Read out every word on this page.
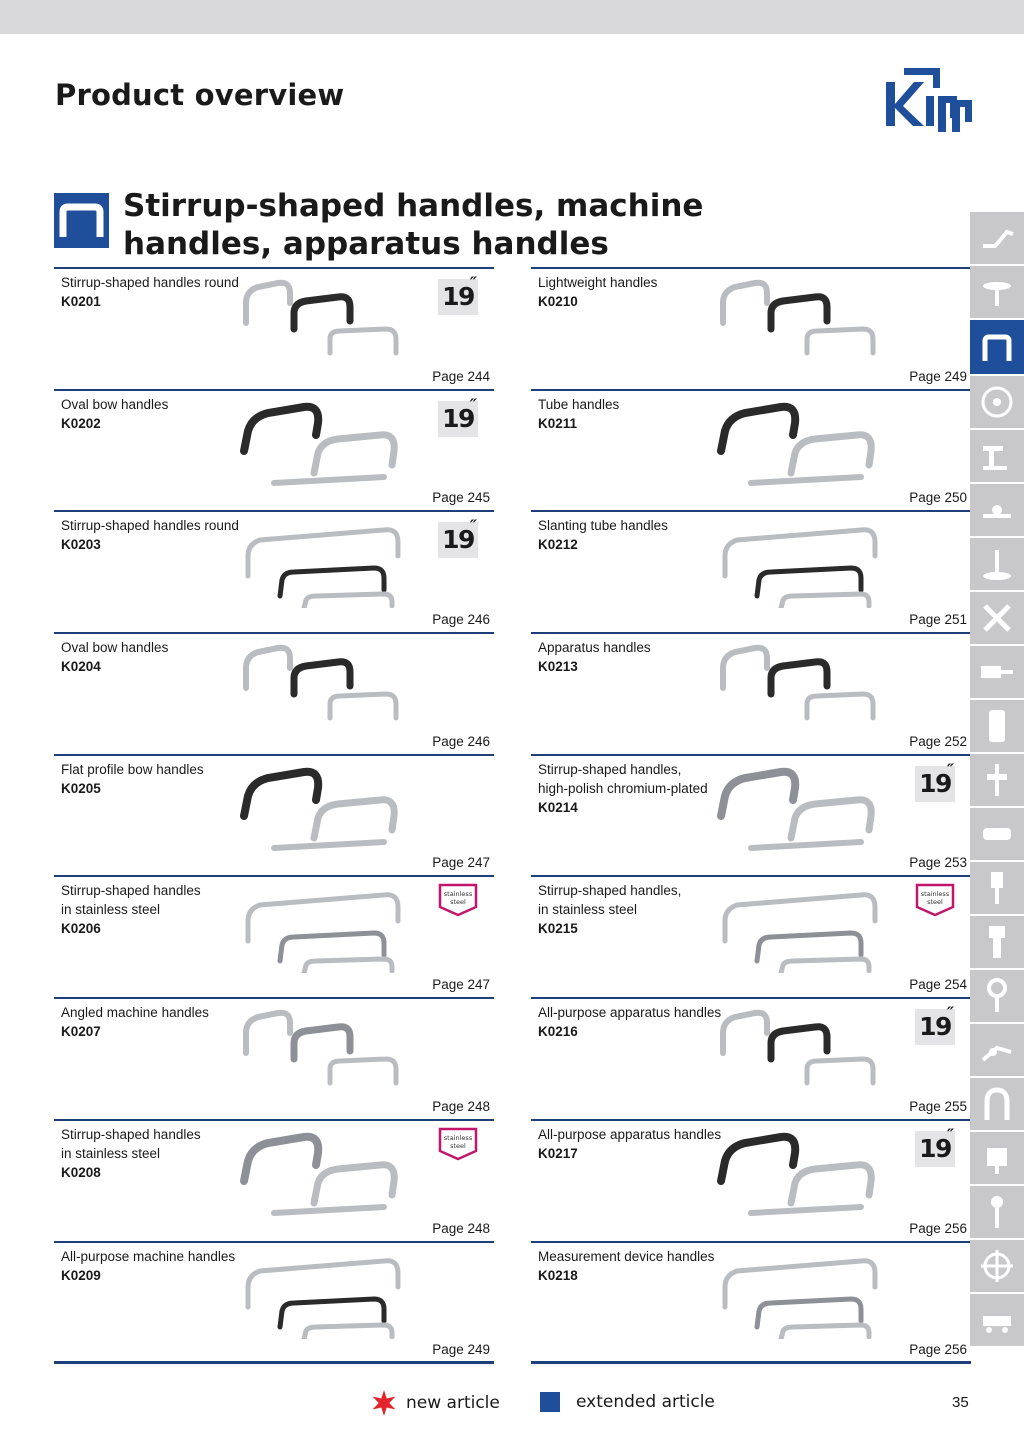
Product overview
Stirrup-shaped handles, machine handles, apparatus handles
Stirrup-shaped handles round
K0201	19
″
Page 244
Oval bow handles
K0202	19
″
Page 245
Stirrup-shaped handles round
K0203	19
″
Page 246
Oval bow handles
K0204
Page 246
Flat profile bow handles
K0205
Page 247
Stirrup-shaped handles
in stainless steel
K0206
stainless
steel
Page 247
Angled machine handles
K0207
Page 248
Stirrup-shaped handles
in stainless steel
K0208
stainless
steel
Page 248
All-purpose machine handles
K0209
Page 249
Lightweight handles
K0210
Page 249
Tube handles
K0211
Page 250
Slanting tube handles
K0212
Page 251
Apparatus handles
K0213
Page 252
Stirrup-shaped handles,
high-polish chromium-plated
K0214
19
″
Page 253
Stirrup-shaped handles,
in stainless steel
K0215
stainless
steel
Page 254
All-purpose apparatus handles
K0216	19
″
Page 255
All-purpose apparatus handles
K0217	19
″
Page 256
Measurement device handles
K0218
Page 256
new article	extended article	35
